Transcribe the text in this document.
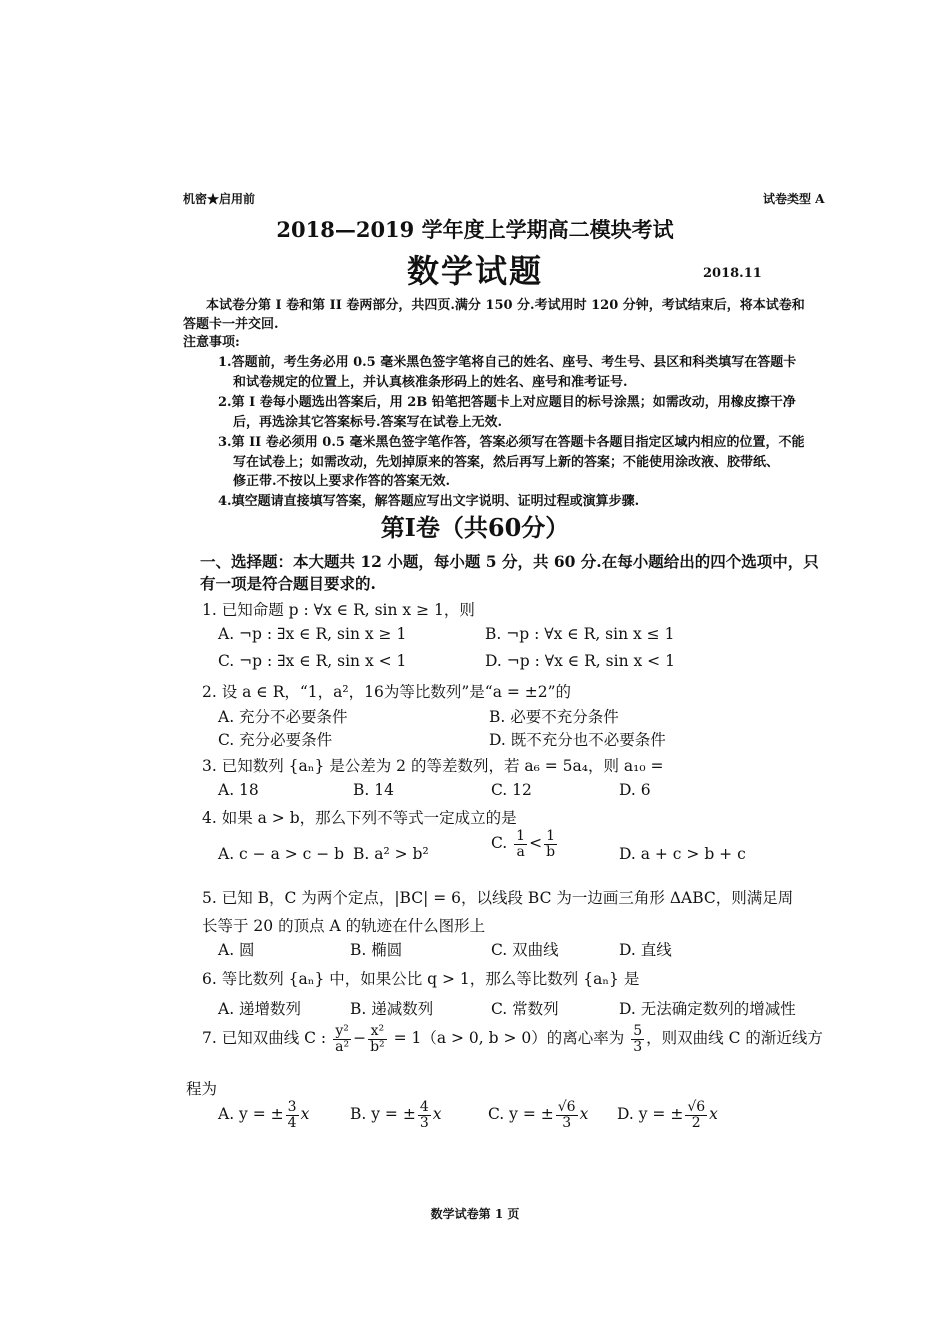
机密★启用前	试卷类型 A
2018—2019 学年度上学期高二模块考试
数学试题	2018.11
本试卷分第 I 卷和第 II 卷两部分，共四页.满分 150 分.考试用时 120 分钟，考试结束后，将本试卷和
答题卡一并交回.
注意事项:
1.答题前，考生务必用 0.5 毫米黑色签字笔将自己的姓名、座号、考生号、县区和科类填写在答题卡
和试卷规定的位置上，并认真核准条形码上的姓名、座号和准考证号.
2.第 I 卷每小题选出答案后，用 2B 铅笔把答题卡上对应题目的标号涂黑；如需改动，用橡皮擦干净
后，再选涂其它答案标号.答案写在试卷上无效.
3.第 II 卷必须用 0.5 毫米黑色签字笔作答，答案必须写在答题卡各题目指定区域内相应的位置，不能
写在试卷上；如需改动，先划掉原来的答案，然后再写上新的答案；不能使用涂改液、胶带纸、
修正带.不按以上要求作答的答案无效.
4.填空题请直接填写答案，解答题应写出文字说明、证明过程或演算步骤.
第I卷（共60分）
一、选择题：本大题共 12 小题，每小题 5 分，共 60 分.在每小题给出的四个选项中，只
有一项是符合题目要求的.
1. 已知命题 p : ∀x ∈ R, sin x ≥ 1，则
A. ¬p : ∃x ∈ R, sin x ≥ 1	B. ¬p : ∀x ∈ R, sin x ≤ 1
C. ¬p : ∃x ∈ R, sin x < 1	D. ¬p : ∀x ∈ R, sin x < 1
2. 设 a ∈ R，“1，a²，16为等比数列”是“a = ±2”的
A. 充分不必要条件	B. 必要不充分条件
C. 充分必要条件	D. 既不充分也不必要条件
3. 已知数列 {aₙ} 是公差为 2 的等差数列，若 a₆ = 5a₄，则 a₁₀ =
A. 18	B. 14	C. 12	D. 6
4. 如果 a > b，那么下列不等式一定成立的是
A. c − a > c − b B. a² > b²
C. $\frac{1}{a} < \frac{1}{b}$	D. a + c > b + c
5. 已知 B，C 为两个定点，|BC| = 6，以线段 BC 为一边画三角形 ΔABC，则满足周
长等于 20 的顶点 A 的轨迹在什么图形上
A. 圆	B. 椭圆	C. 双曲线	D. 直线
6. 等比数列 {aₙ} 中，如果公比 q > 1，那么等比数列 {aₙ} 是
A. 递增数列	B. 递减数列	C. 常数列	D. 无法确定数列的增减性
7. 已知双曲线 C : $\frac{\text{y²}}{\text{a²}} - \frac{\text{x²}}{\text{b²}} = 1(a > 0$, b > 0）的离心率为 $\frac{5}{3}$ ，则双曲线 C 的渐近线方
程为
A. y = ± $\frac{3}{4}$ x	B. y = ± $\frac{4}{3}$ x	C. y = ± $\frac{√6}{3}$ x D. y = ± $\frac{√6}{2}$ x
数学试卷第 1 页
